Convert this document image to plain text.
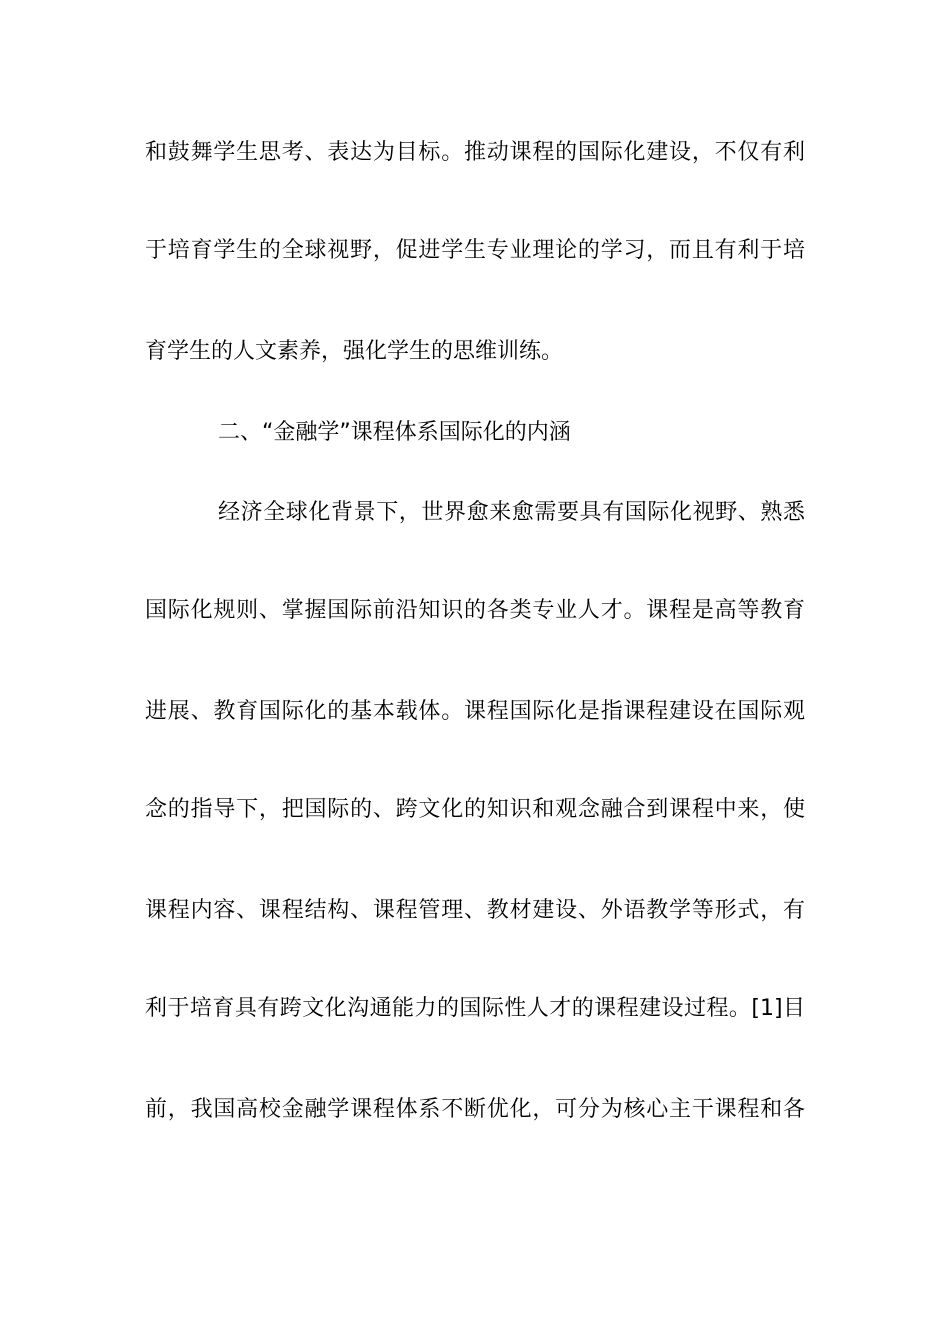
和鼓舞学生思考、表达为目标。推动课程的国际化建设，不仅有利
于培育学生的全球视野，促进学生专业理论的学习，而且有利于培
育学生的人文素养，强化学生的思维训练。
二、“金融学”课程体系国际化的内涵
经济全球化背景下，世界愈来愈需要具有国际化视野、熟悉
国际化规则、掌握国际前沿知识的各类专业人才。课程是高等教育
进展、教育国际化的基本载体。课程国际化是指课程建设在国际观
念的指导下，把国际的、跨文化的知识和观念融合到课程中来，使
课程内容、课程结构、课程管理、教材建设、外语教学等形式，有
利于培育具有跨文化沟通能力的国际性人才的课程建设过程。[1]目
前，我国高校金融学课程体系不断优化，可分为核心主干课程和各
